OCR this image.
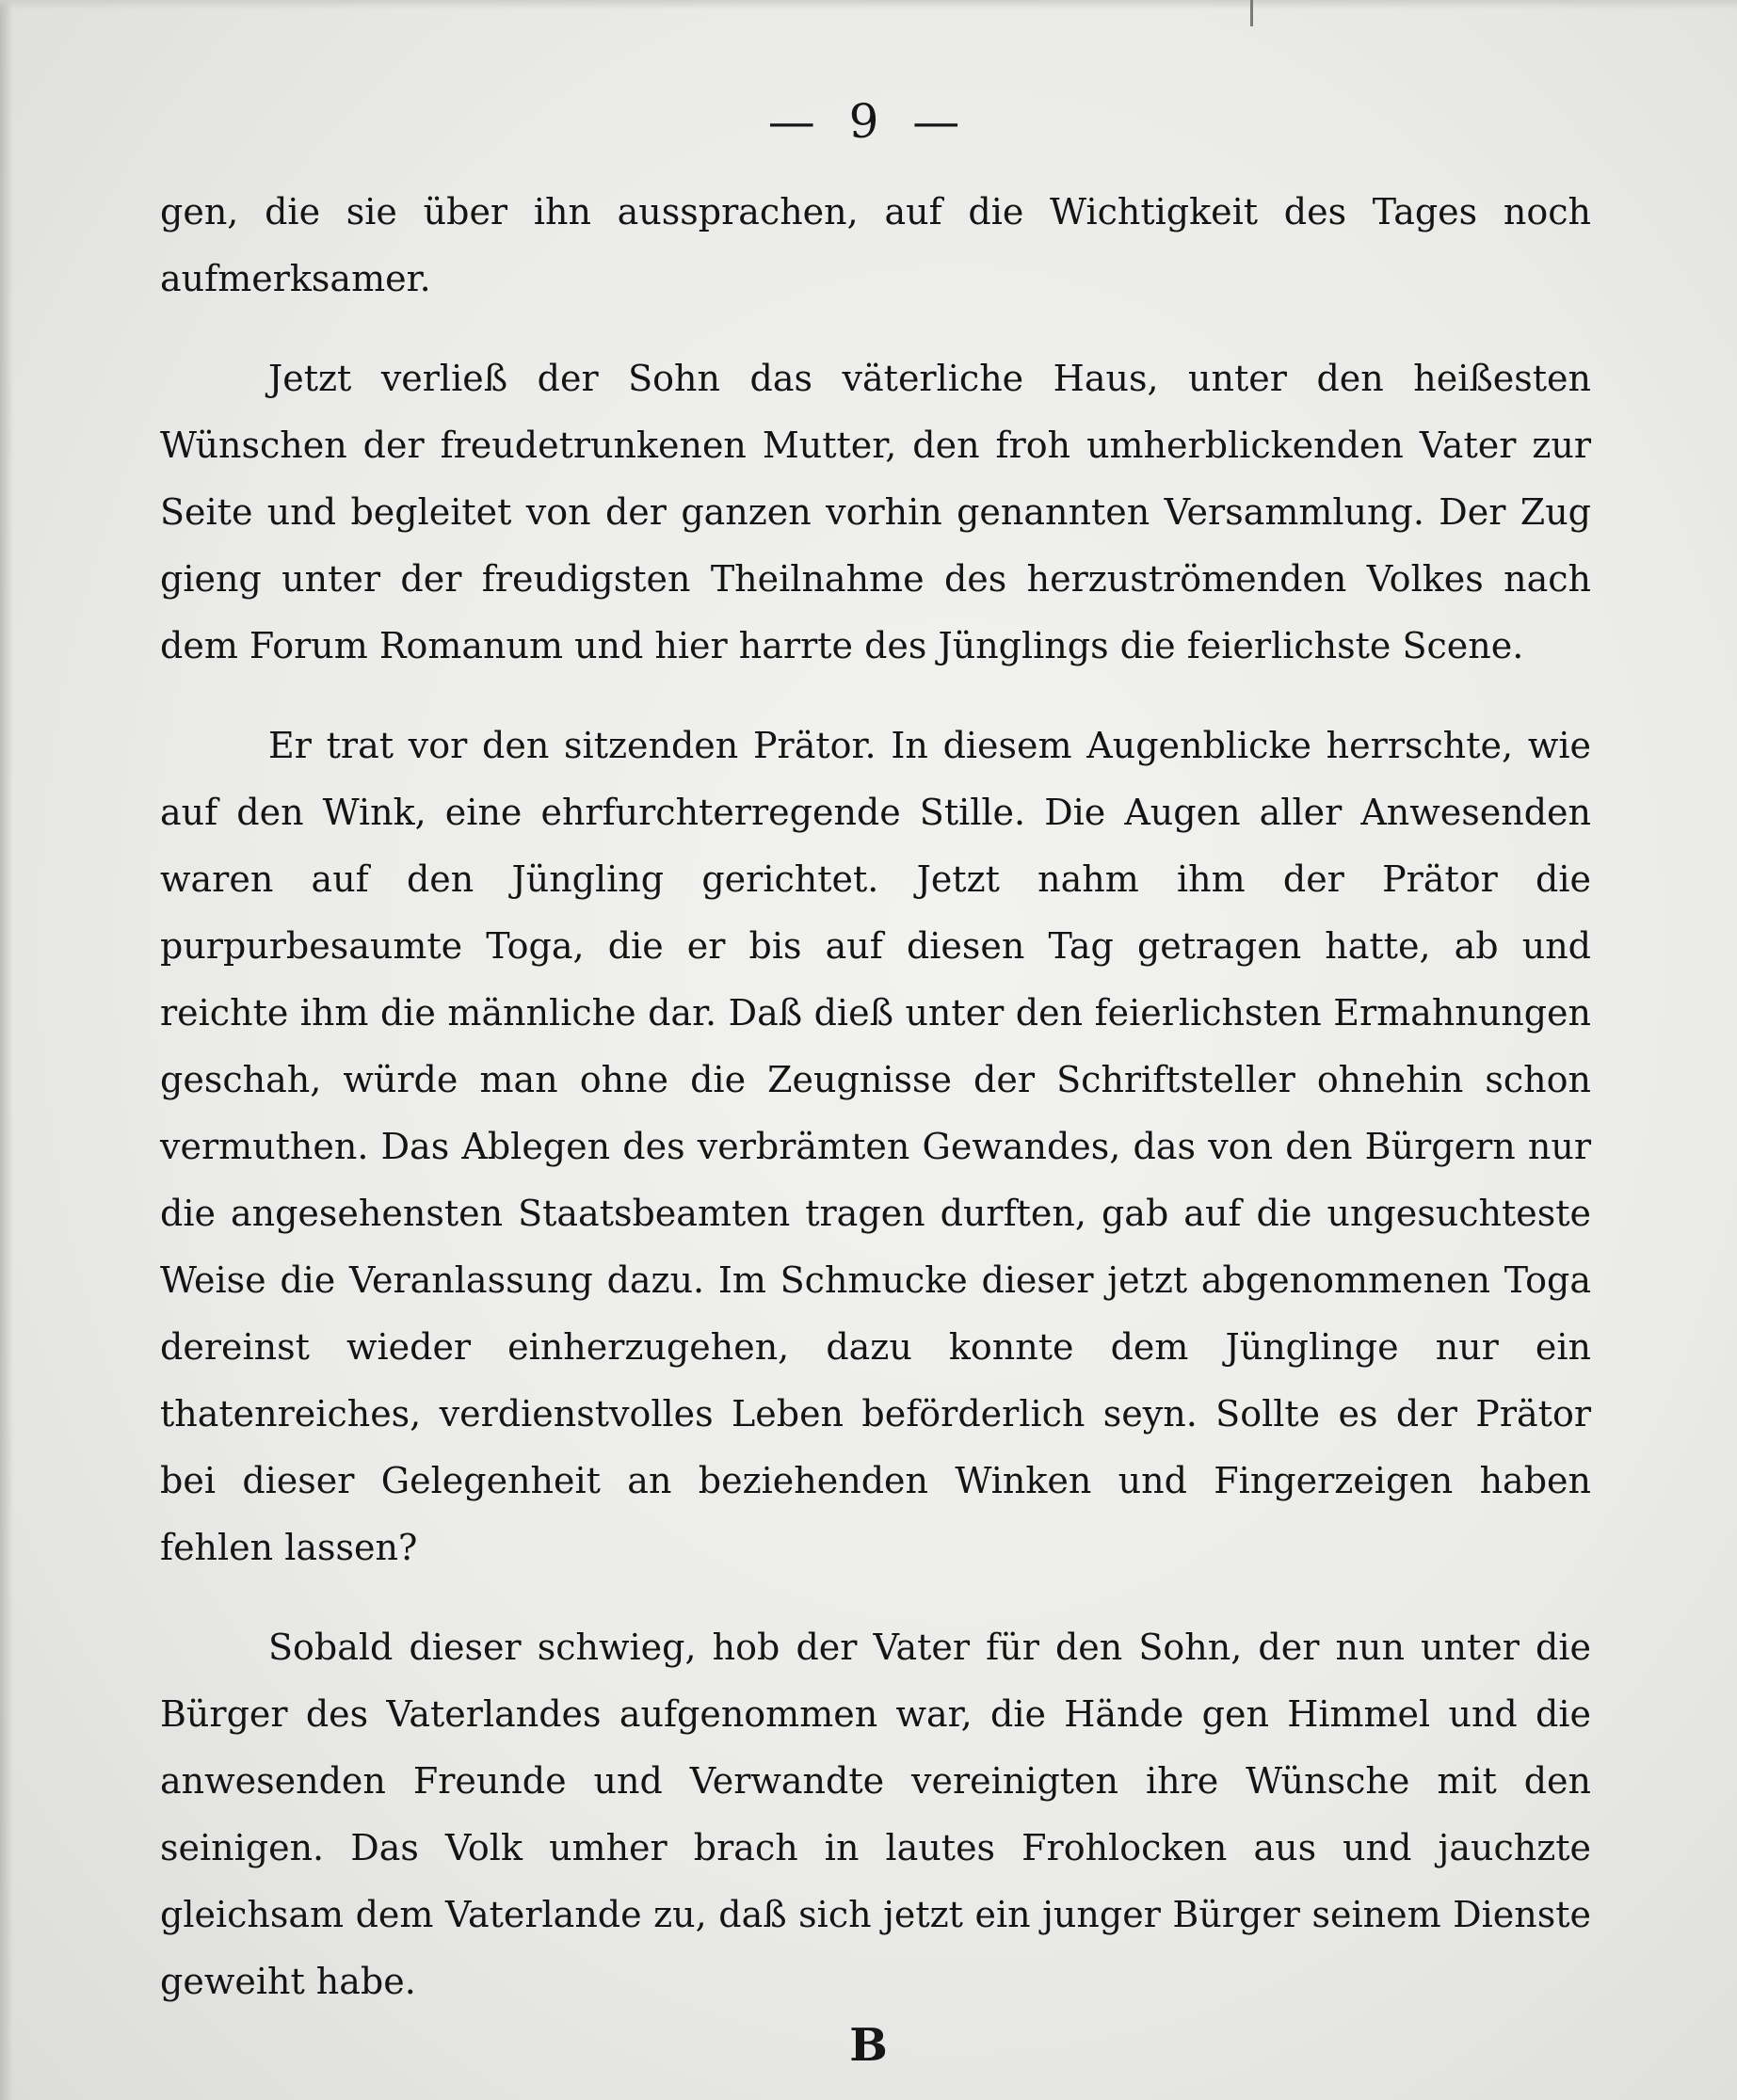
— 9 —

gen, die sie über ihn aussprachen, auf die Wichtigkeit des Tages noch aufmerksamer.

Jetzt verließ der Sohn das väterliche Haus, unter den heißesten Wünschen der freudetrunkenen Mutter, den froh umherblickenden Vater zur Seite und begleitet von der ganzen vorhin genannten Versammlung. Der Zug gieng unter der freudigsten Theilnahme des herzuströmenden Volkes nach dem Forum Romanum und hier harrte des Jünglings die feierlichste Scene.

Er trat vor den sitzenden Prätor. In diesem Augenblicke herrschte, wie auf den Wink, eine ehrfurchterregende Stille. Die Augen aller Anwesenden waren auf den Jüngling gerichtet. Jetzt nahm ihm der Prätor die purpurbesaumte Toga, die er bis auf diesen Tag getragen hatte, ab und reichte ihm die männliche dar. Daß dieß unter den feierlichsten Ermahnungen geschah, würde man ohne die Zeugnisse der Schriftsteller ohnehin schon vermuthen. Das Ablegen des verbrämten Gewandes, das von den Bürgern nur die angesehensten Staatsbeamten tragen durften, gab auf die ungesuchteste Weise die Veranlassung dazu. Im Schmucke dieser jetzt abgenommenen Toga dereinst wieder einherzugehen, dazu konnte dem Jünglinge nur ein thatenreiches, verdienstvolles Leben beförderlich seyn. Sollte es der Prätor bei dieser Gelegenheit an beziehenden Winken und Fingerzeigen haben fehlen lassen?

Sobald dieser schwieg, hob der Vater für den Sohn, der nun unter die Bürger des Vaterlandes aufgenommen war, die Hände gen Himmel und die anwesenden Freunde und Verwandte vereinigten ihre Wünsche mit den seinigen. Das Volk umher brach in lautes Frohlocken aus und jauchzte gleichsam dem Vaterlande zu, daß sich jetzt ein junger Bürger seinem Dienste geweiht habe.

B
